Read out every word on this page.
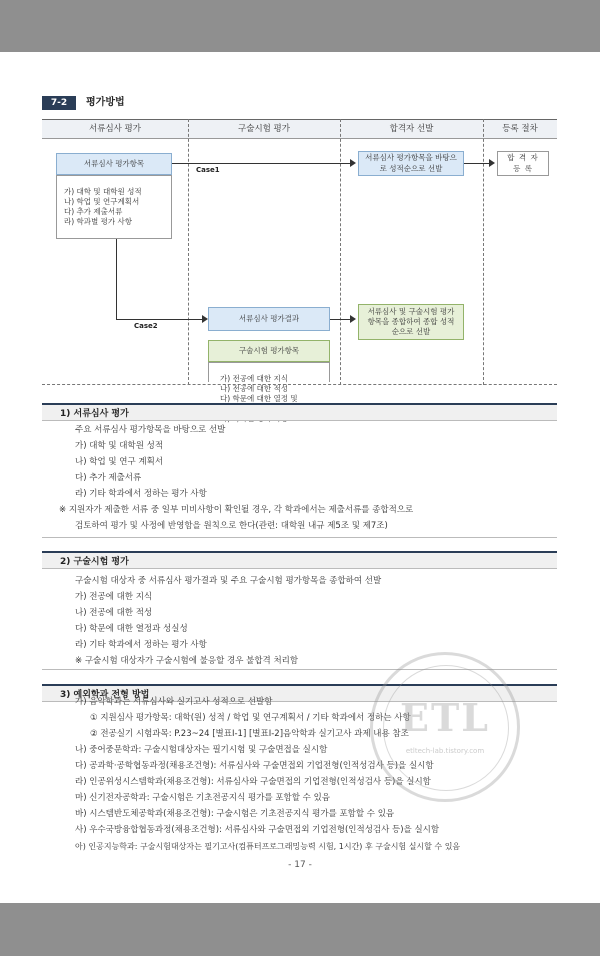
7-2	평가방법
서류심사 평가	구술시험 평가	합격자 선발	등록 절차
서류심사 평가항목
가) 대학 및 대학원 성적
나) 학업 및 연구계획서
다) 추가 제출서류
라) 학과별 평가 사항
Case1
Case2
서류심사 평가항목을 바탕으로 성적순으로 선발
합 격 자 등 록
서류심사 평가결과
서류심사 및 구술시험 평가항목을 종합하여 종합 성적순으로 선발
구술시험 평가항목
가) 전공에 대한 지식
나) 전공에 대한 적성
다) 학문에 대한 열정 및
1) 서류심사 평가
주요 서류심사 평가항목을 바탕으로 선발
가) 대학 및 대학원 성적
나) 학업 및 연구 계획서
다) 추가 제출서류
라) 기타 학과에서 정하는 평가 사항
※ 지원자가 제출한 서류 중 일부 미비사항이 확인될 경우, 각 학과에서는 제출서류를 종합적으로
검토하여 평가 및 사정에 반영함을 원칙으로 한다(관련: 대학원 내규 제5조 및 제7조)
2) 구술시험 평가
구술시험 대상자 중 서류심사 평가결과 및 주요 구술시험 평가항목을 종합하여 선발
가) 전공에 대한 지식
나) 전공에 대한 적성
다) 학문에 대한 열정과 성실성
라) 기타 학과에서 정하는 평가 사항
※ 구술시험 대상자가 구술시험에 불응할 경우 불합격 처리함
3) 예외학과 전형 방법
가) 음악학과는 서류심사와 실기고사 성적으로 선발함
① 지원심사 평가항목: 대학(원) 성적 / 학업 및 연구계획서 / 기타 학과에서 정하는 사항
② 전공실기 시험과목: P.23~24 [별표Ⅰ-1] [별표Ⅰ-2]음악학과 실기고사 과제 내용 참조
나) 중어중문학과: 구술시험대상자는 필기시험 및 구술면접을 실시함
다) 공과학·공학협동과정(채용조건형): 서류심사와 구술면접외 기업전형(인적성검사 등)을 실시함
라) 인공위성시스템학과(채용조건형): 서류심사와 구술면접의 기업전형(인적성검사 등)을 실시함
마) 신기전자공학과: 구술시험은 기초전공지식 평가를 포함할 수 있음
바) 시스템반도체공학과(채용조건형): 구술시험은 기초전공지식 평가를 포함할 수 있음
사) 우수국방융합협동과정(채용조건형): 서류심사와 구술면접외 기업전형(인적성검사 등)을 실시함
아) 인공지능학과: 구술시험대상자는 필기고사(컴퓨터프로그래밍능력 시험, 1시간) 후 구술시험 실시할 수 있음
ETL
etltech-lab.tistory.com
- 17 -
